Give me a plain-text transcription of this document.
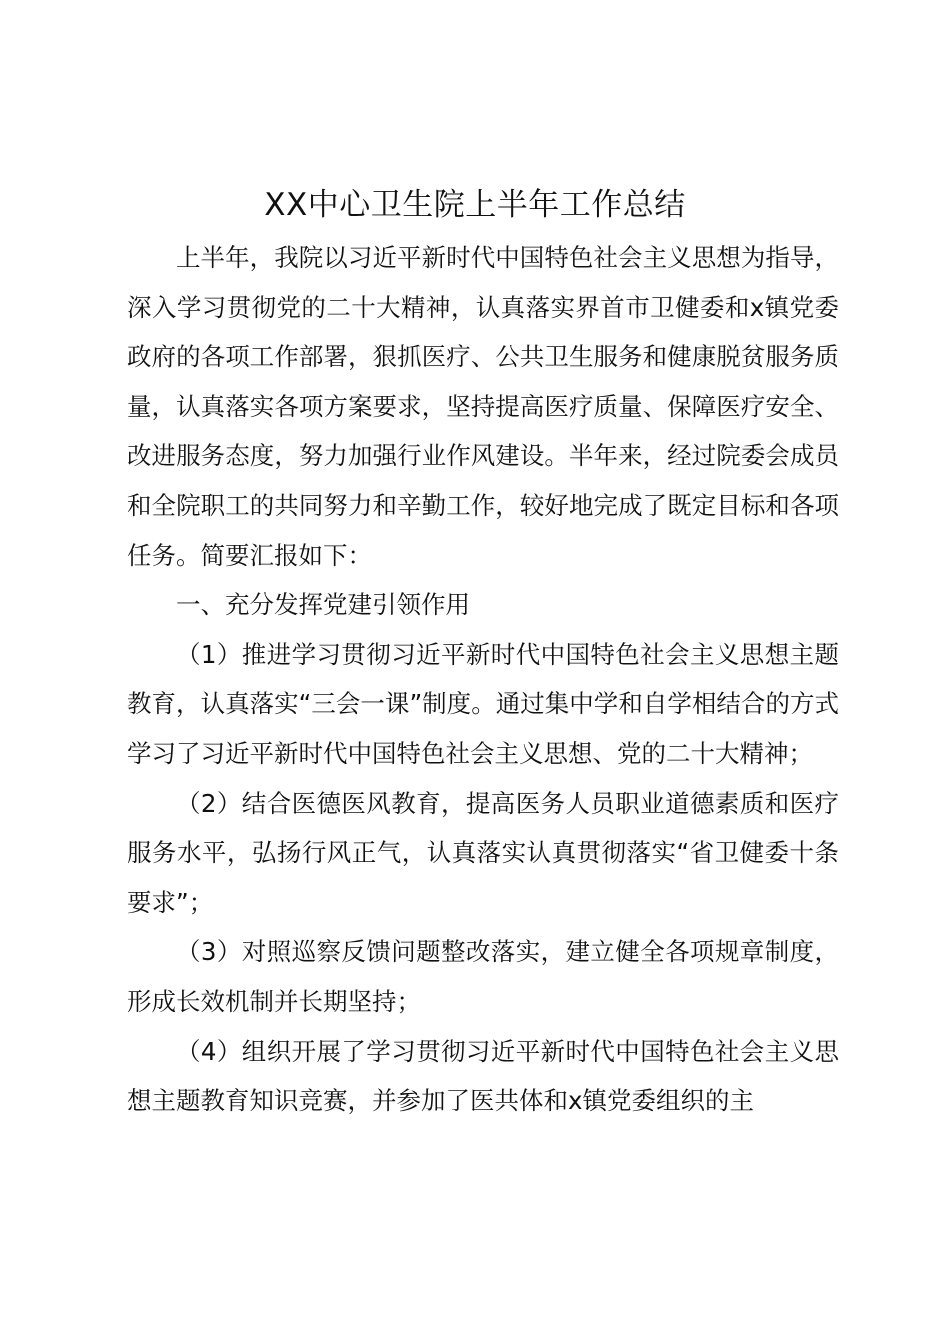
XX中心卫生院上半年工作总结

上半年，我院以习近平新时代中国特色社会主义思想为指导，深入学习贯彻党的二十大精神，认真落实界首市卫健委和x镇党委政府的各项工作部署，狠抓医疗、公共卫生服务和健康脱贫服务质量，认真落实各项方案要求，坚持提高医疗质量、保障医疗安全、改进服务态度，努力加强行业作风建设。半年来，经过院委会成员和全院职工的共同努力和辛勤工作，较好地完成了既定目标和各项任务。简要汇报如下：

一、充分发挥党建引领作用

（1）推进学习贯彻习近平新时代中国特色社会主义思想主题教育，认真落实“三会一课”制度。通过集中学和自学相结合的方式学习了习近平新时代中国特色社会主义思想、党的二十大精神；

（2）结合医德医风教育，提高医务人员职业道德素质和医疗服务水平，弘扬行风正气，认真落实认真贯彻落实“省卫健委十条要求”；

（3）对照巡察反馈问题整改落实，建立健全各项规章制度，形成长效机制并长期坚持；

（4）组织开展了学习贯彻习近平新时代中国特色社会主义思想主题教育知识竞赛，并参加了医共体和x镇党委组织的主
